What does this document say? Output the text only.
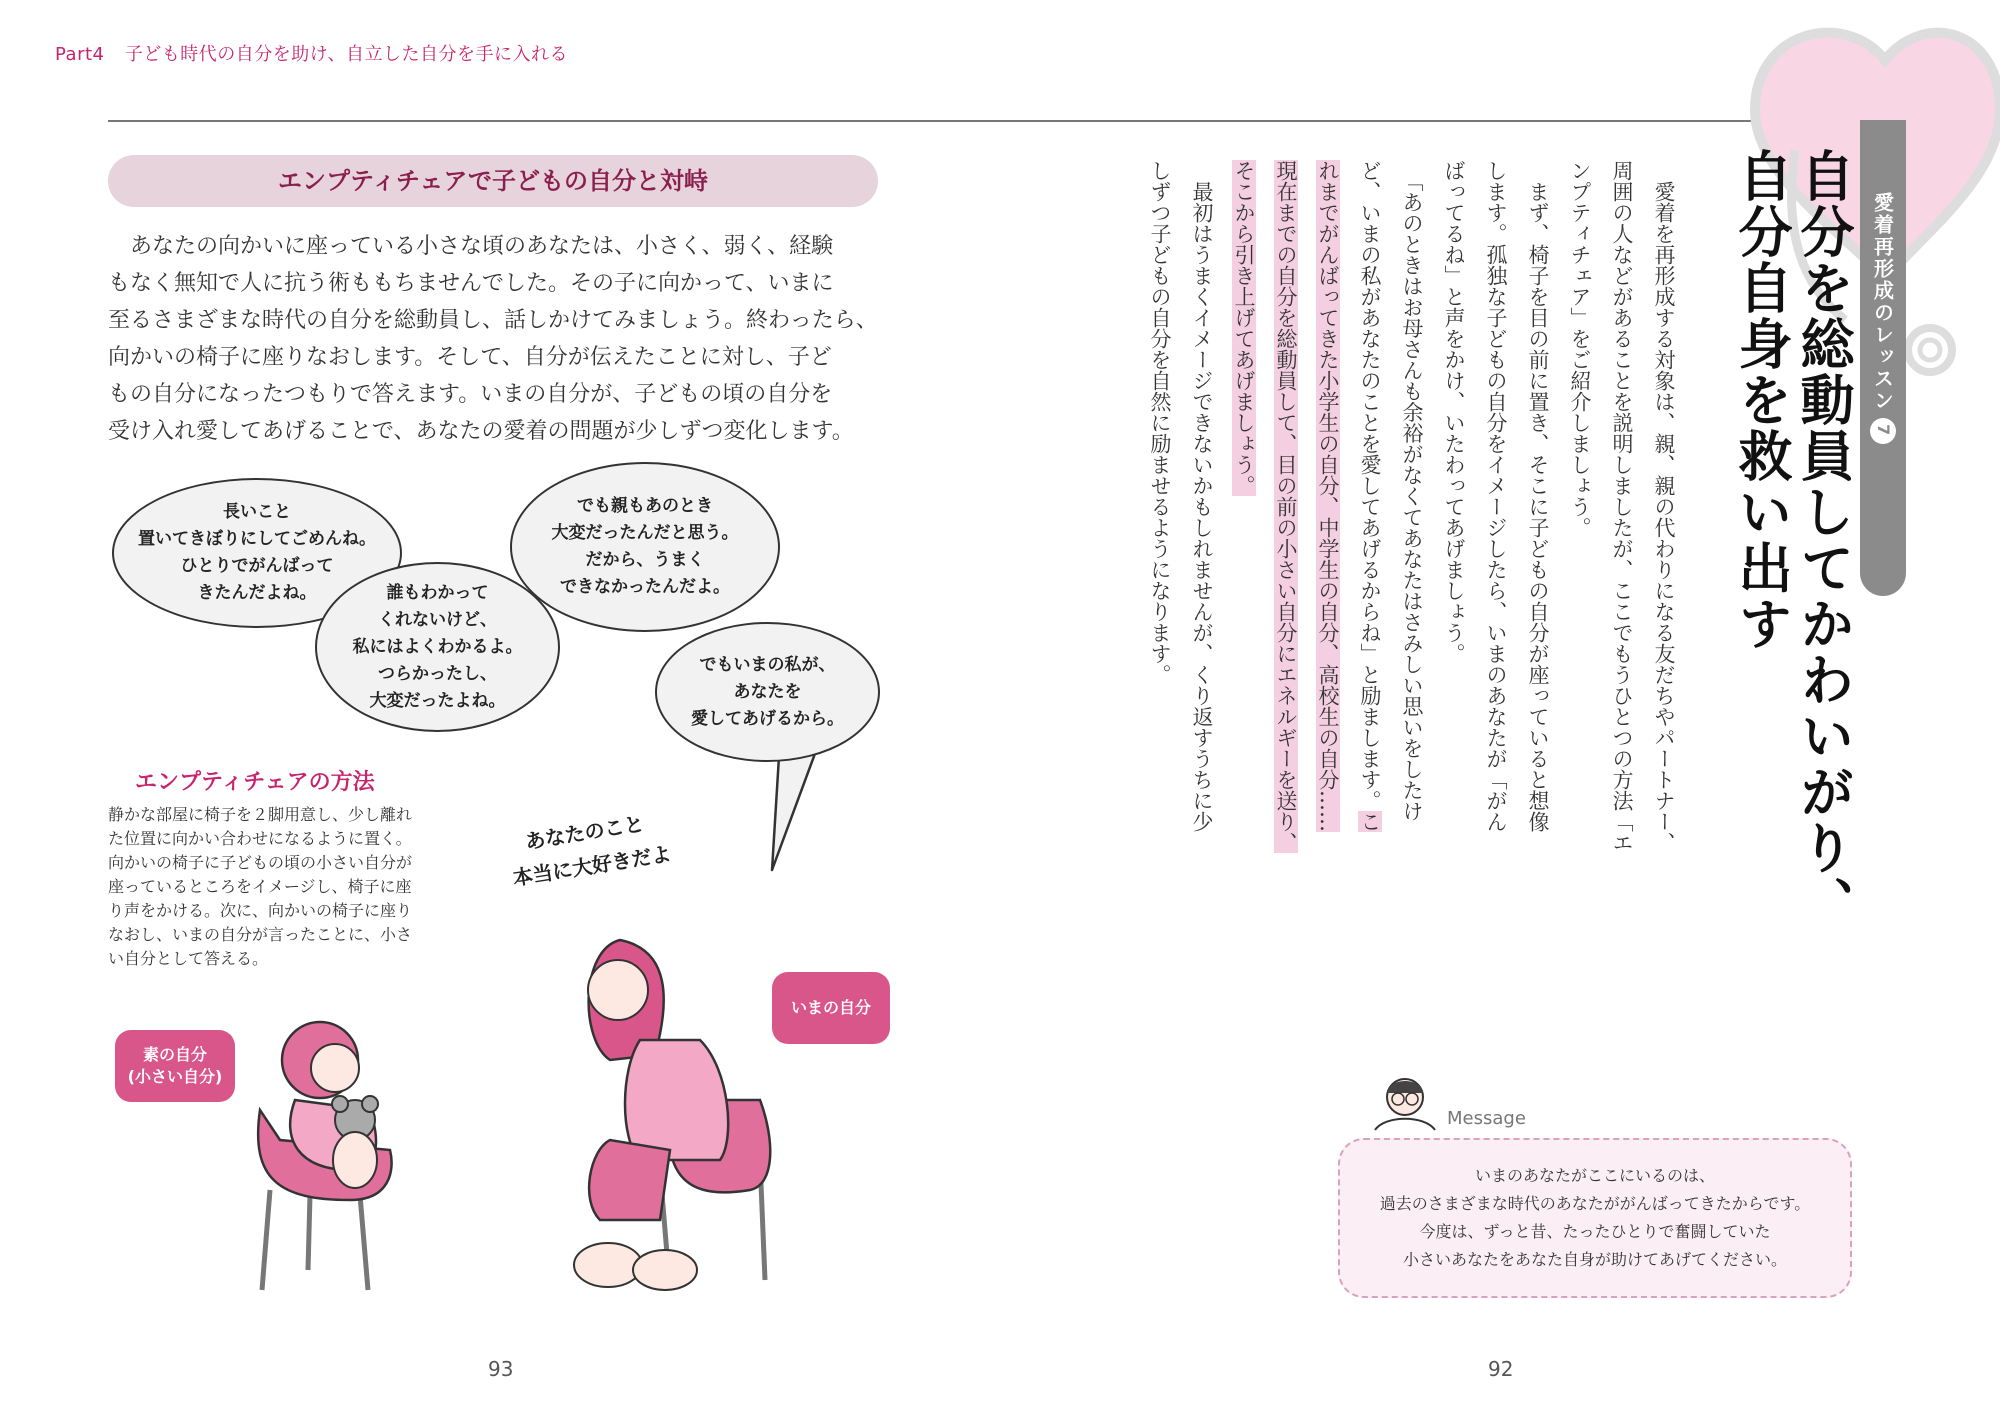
Part4 子ども時代の自分を助け、自立した自分を手に入れる
エンプティチェアで子どもの自分と対峙
あなたの向かいに座っている小さな頃のあなたは、小さく、弱く、経験
もなく無知で人に抗う術ももちませんでした。その子に向かって、いまに
至るさまざまな時代の自分を総動員し、話しかけてみましょう。終わったら、
向かいの椅子に座りなおします。そして、自分が伝えたことに対し、子ど
もの自分になったつもりで答えます。いまの自分が、子どもの頃の自分を
受け入れ愛してあげることで、あなたの愛着の問題が少しずつ変化します。
長いこと
置いてきぼりにしてごめんね。
ひとりでがんばって
きたんだよね。	誰もわかって
くれないけど、
私にはよくわかるよ。
つらかったし、
大変だったよね。
でも親もあのとき
大変だったんだと思う。
だから、うまく
できなかったんだよ。
でもいまの私が、
あなたを
愛してあげるから。
エンプティチェアの方法
静かな部屋に椅子を２脚用意し、少し離れた位置に向かい合わせになるように置く。向かいの椅子に子どもの頃の小さい自分が座っているところをイメージし、椅子に座り声をかける。次に、向かいの椅子に座りなおし、いまの自分が言ったことに、小さい自分として答える。
あなたのこと
本当に大好きだよ
素の自分
(小さい自分)
いまの自分
93
愛着再形成のレッスン
7
自分を総動員してかわいがり、
自分自身を救い出す
　愛着を再形成する対象は、親、親の代わりになる友だちやパートナー、
周囲の人などがあることを説明しましたが、ここでもうひとつの方法「エ
ンプティチェア」をご紹介しましょう。
　まず、椅子を目の前に置き、そこに子どもの自分が座っていると想像
します。孤独な子どもの自分をイメージしたら、いまのあなたが「がん
ばってるね」と声をかけ、いたわってあげましょう。
　「あのときはお母さんも余裕がなくてあなたはさみしい思いをしたけ
ど、いまの私があなたのことを愛してあげるからね」と励まします。こ
れまでがんばってきた小学生の自分、中学生の自分、高校生の自分……
現在までの自分を総動員して、目の前の小さい自分にエネルギーを送り、
そこから引き上げてあげましょう。
　最初はうまくイメージできないかもしれませんが、くり返すうちに少
しずつ子どもの自分を自然に励ませるようになります。
Message
いまのあなたがここにいるのは、
過去のさまざまな時代のあなたががんばってきたからです。
今度は、ずっと昔、たったひとりで奮闘していた
小さいあなたをあなた自身が助けてあげてください。
92
